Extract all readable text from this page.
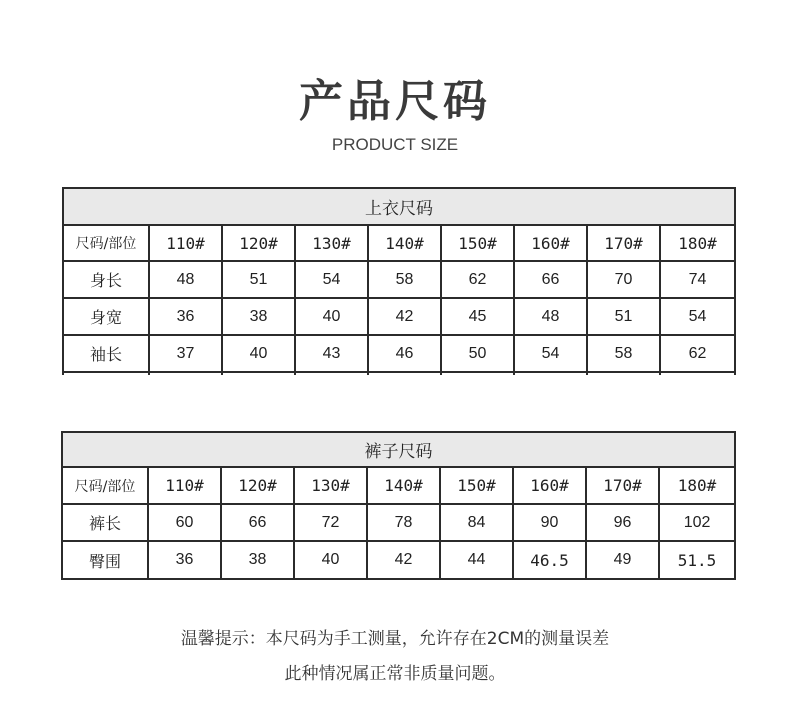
产品尺码
PRODUCT SIZE
上衣尺码								
尺码/部位	110#	120#	130#	140#	150#	160#	170#	180#
身长	48	51	54	58	62	66	70	74
身宽	36	38	40	42	45	48	51	54
袖长	37	40	43	46	50	54	58	62

裤子尺码								
尺码/部位	110#	120#	130#	140#	150#	160#	170#	180#
裤长	60	66	72	78	84	90	96	102
臀围	36	38	40	42	44	46.5	49	51.5
温馨提示：本尺码为手工测量，允许存在2CM的测量误差
此种情况属正常非质量问题。
